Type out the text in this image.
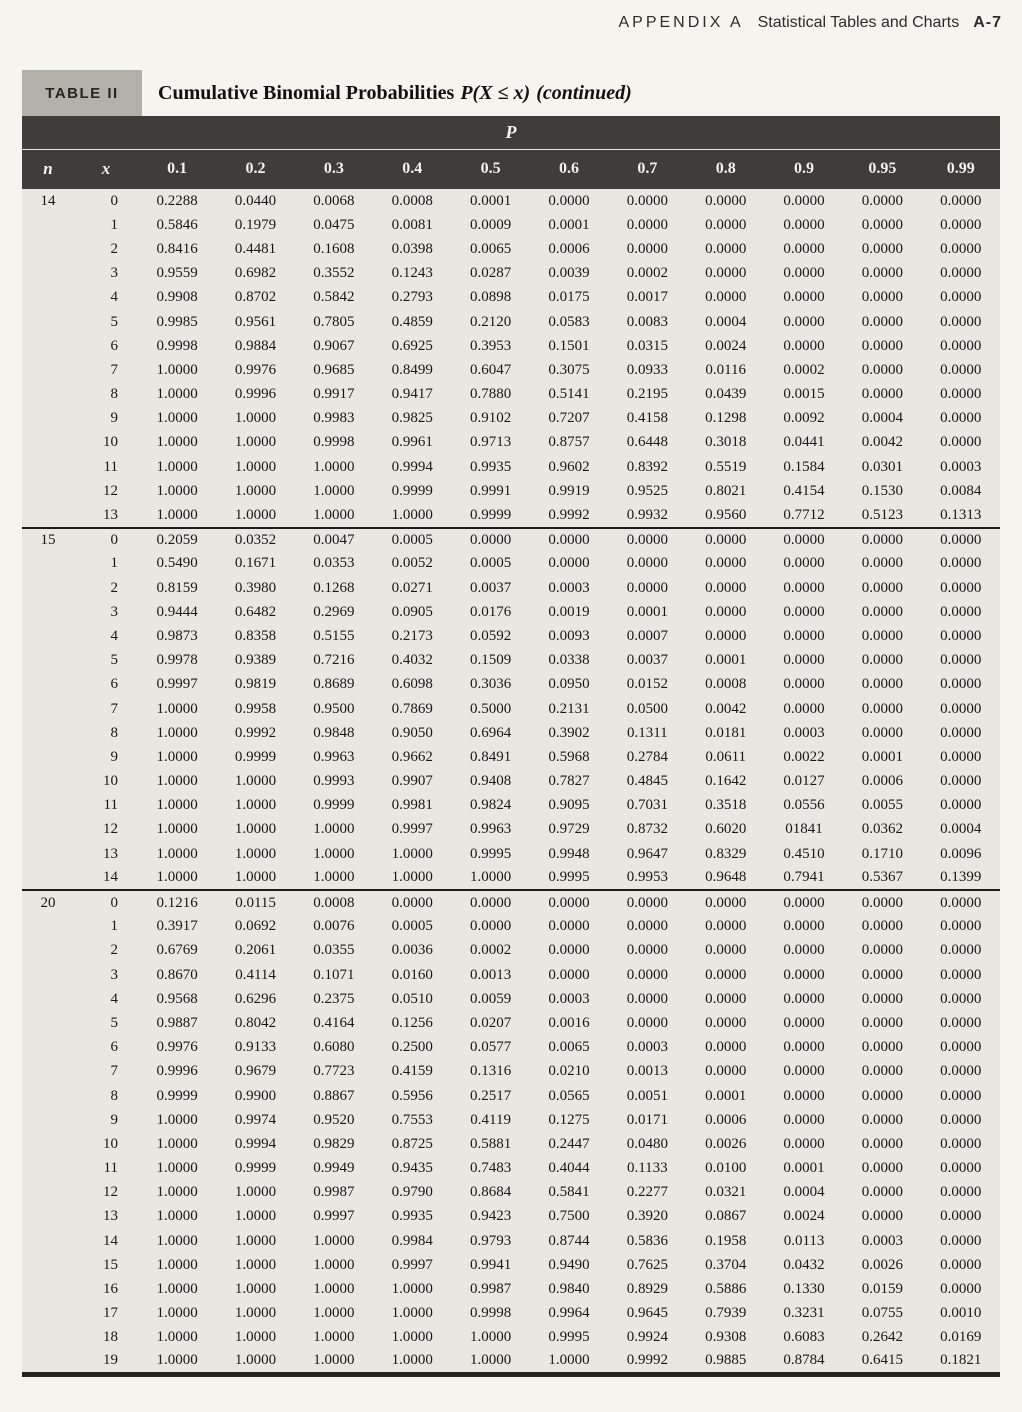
APPENDIX A Statistical Tables and Charts A-7
TABLE II	Cumulative Binomial Probabilities P(X ≤ x) (continued)
P												
n	x	0.1	0.2	0.3	0.4	0.5	0.6	0.7	0.8	0.9	0.95	0.99
14	0	0.2288	0.0440	0.0068	0.0008	0.0001	0.0000	0.0000	0.0000	0.0000	0.0000	0.0000
	1	0.5846	0.1979	0.0475	0.0081	0.0009	0.0001	0.0000	0.0000	0.0000	0.0000	0.0000
	2	0.8416	0.4481	0.1608	0.0398	0.0065	0.0006	0.0000	0.0000	0.0000	0.0000	0.0000
	3	0.9559	0.6982	0.3552	0.1243	0.0287	0.0039	0.0002	0.0000	0.0000	0.0000	0.0000
	4	0.9908	0.8702	0.5842	0.2793	0.0898	0.0175	0.0017	0.0000	0.0000	0.0000	0.0000
	5	0.9985	0.9561	0.7805	0.4859	0.2120	0.0583	0.0083	0.0004	0.0000	0.0000	0.0000
	6	0.9998	0.9884	0.9067	0.6925	0.3953	0.1501	0.0315	0.0024	0.0000	0.0000	0.0000
	7	1.0000	0.9976	0.9685	0.8499	0.6047	0.3075	0.0933	0.0116	0.0002	0.0000	0.0000
	8	1.0000	0.9996	0.9917	0.9417	0.7880	0.5141	0.2195	0.0439	0.0015	0.0000	0.0000
	9	1.0000	1.0000	0.9983	0.9825	0.9102	0.7207	0.4158	0.1298	0.0092	0.0004	0.0000
	10	1.0000	1.0000	0.9998	0.9961	0.9713	0.8757	0.6448	0.3018	0.0441	0.0042	0.0000
	11	1.0000	1.0000	1.0000	0.9994	0.9935	0.9602	0.8392	0.5519	0.1584	0.0301	0.0003
	12	1.0000	1.0000	1.0000	0.9999	0.9991	0.9919	0.9525	0.8021	0.4154	0.1530	0.0084
	13	1.0000	1.0000	1.0000	1.0000	0.9999	0.9992	0.9932	0.9560	0.7712	0.5123	0.1313
15	0	0.2059	0.0352	0.0047	0.0005	0.0000	0.0000	0.0000	0.0000	0.0000	0.0000	0.0000
	1	0.5490	0.1671	0.0353	0.0052	0.0005	0.0000	0.0000	0.0000	0.0000	0.0000	0.0000
	2	0.8159	0.3980	0.1268	0.0271	0.0037	0.0003	0.0000	0.0000	0.0000	0.0000	0.0000
	3	0.9444	0.6482	0.2969	0.0905	0.0176	0.0019	0.0001	0.0000	0.0000	0.0000	0.0000
	4	0.9873	0.8358	0.5155	0.2173	0.0592	0.0093	0.0007	0.0000	0.0000	0.0000	0.0000
	5	0.9978	0.9389	0.7216	0.4032	0.1509	0.0338	0.0037	0.0001	0.0000	0.0000	0.0000
	6	0.9997	0.9819	0.8689	0.6098	0.3036	0.0950	0.0152	0.0008	0.0000	0.0000	0.0000
	7	1.0000	0.9958	0.9500	0.7869	0.5000	0.2131	0.0500	0.0042	0.0000	0.0000	0.0000
	8	1.0000	0.9992	0.9848	0.9050	0.6964	0.3902	0.1311	0.0181	0.0003	0.0000	0.0000
	9	1.0000	0.9999	0.9963	0.9662	0.8491	0.5968	0.2784	0.0611	0.0022	0.0001	0.0000
	10	1.0000	1.0000	0.9993	0.9907	0.9408	0.7827	0.4845	0.1642	0.0127	0.0006	0.0000
	11	1.0000	1.0000	0.9999	0.9981	0.9824	0.9095	0.7031	0.3518	0.0556	0.0055	0.0000
	12	1.0000	1.0000	1.0000	0.9997	0.9963	0.9729	0.8732	0.6020	01841	0.0362	0.0004
	13	1.0000	1.0000	1.0000	1.0000	0.9995	0.9948	0.9647	0.8329	0.4510	0.1710	0.0096
	14	1.0000	1.0000	1.0000	1.0000	1.0000	0.9995	0.9953	0.9648	0.7941	0.5367	0.1399
20	0	0.1216	0.0115	0.0008	0.0000	0.0000	0.0000	0.0000	0.0000	0.0000	0.0000	0.0000
	1	0.3917	0.0692	0.0076	0.0005	0.0000	0.0000	0.0000	0.0000	0.0000	0.0000	0.0000
	2	0.6769	0.2061	0.0355	0.0036	0.0002	0.0000	0.0000	0.0000	0.0000	0.0000	0.0000
	3	0.8670	0.4114	0.1071	0.0160	0.0013	0.0000	0.0000	0.0000	0.0000	0.0000	0.0000
	4	0.9568	0.6296	0.2375	0.0510	0.0059	0.0003	0.0000	0.0000	0.0000	0.0000	0.0000
	5	0.9887	0.8042	0.4164	0.1256	0.0207	0.0016	0.0000	0.0000	0.0000	0.0000	0.0000
	6	0.9976	0.9133	0.6080	0.2500	0.0577	0.0065	0.0003	0.0000	0.0000	0.0000	0.0000
	7	0.9996	0.9679	0.7723	0.4159	0.1316	0.0210	0.0013	0.0000	0.0000	0.0000	0.0000
	8	0.9999	0.9900	0.8867	0.5956	0.2517	0.0565	0.0051	0.0001	0.0000	0.0000	0.0000
	9	1.0000	0.9974	0.9520	0.7553	0.4119	0.1275	0.0171	0.0006	0.0000	0.0000	0.0000
	10	1.0000	0.9994	0.9829	0.8725	0.5881	0.2447	0.0480	0.0026	0.0000	0.0000	0.0000
	11	1.0000	0.9999	0.9949	0.9435	0.7483	0.4044	0.1133	0.0100	0.0001	0.0000	0.0000
	12	1.0000	1.0000	0.9987	0.9790	0.8684	0.5841	0.2277	0.0321	0.0004	0.0000	0.0000
	13	1.0000	1.0000	0.9997	0.9935	0.9423	0.7500	0.3920	0.0867	0.0024	0.0000	0.0000
	14	1.0000	1.0000	1.0000	0.9984	0.9793	0.8744	0.5836	0.1958	0.0113	0.0003	0.0000
	15	1.0000	1.0000	1.0000	0.9997	0.9941	0.9490	0.7625	0.3704	0.0432	0.0026	0.0000
	16	1.0000	1.0000	1.0000	1.0000	0.9987	0.9840	0.8929	0.5886	0.1330	0.0159	0.0000
	17	1.0000	1.0000	1.0000	1.0000	0.9998	0.9964	0.9645	0.7939	0.3231	0.0755	0.0010
	18	1.0000	1.0000	1.0000	1.0000	1.0000	0.9995	0.9924	0.9308	0.6083	0.2642	0.0169
	19	1.0000	1.0000	1.0000	1.0000	1.0000	1.0000	0.9992	0.9885	0.8784	0.6415	0.1821
